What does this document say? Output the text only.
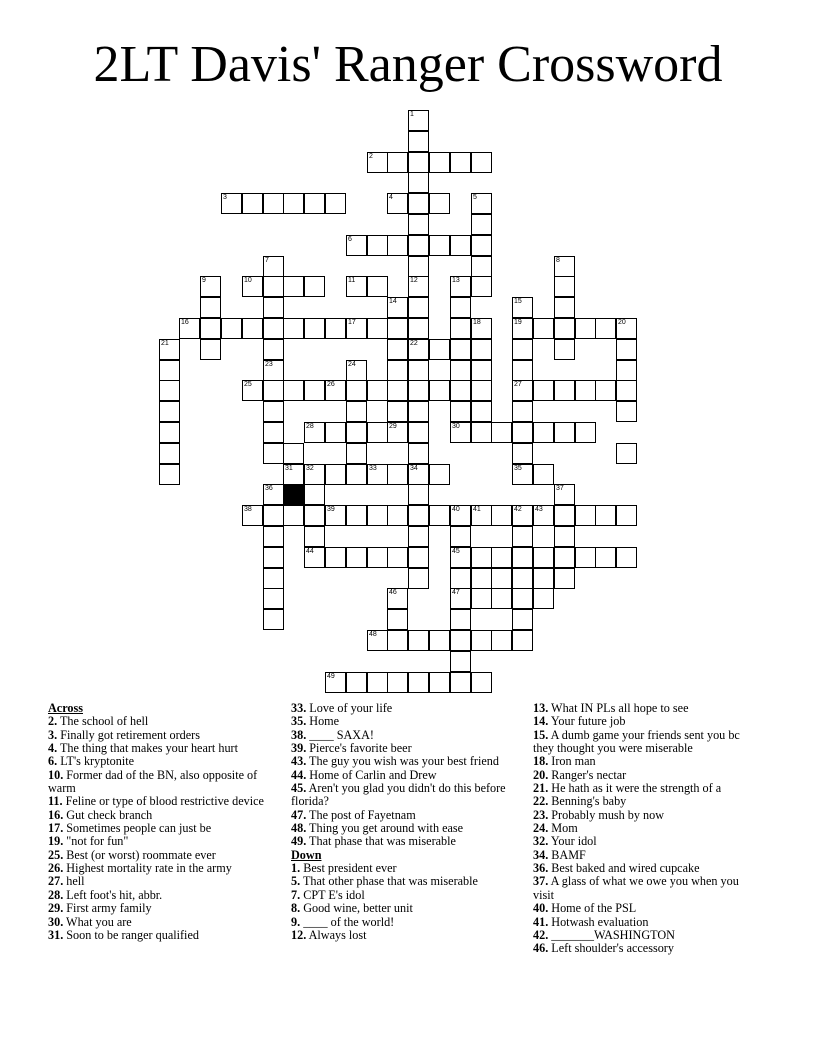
2LT Davis' Ranger Crossword
1
2
3	4	5
6
7	8
9	10	11	12	13
14	15
16	17	18	19	20
21	22
23	24
25	26	27
28	29	30
31 32	33	34	35
36	37
38	39	40 41	42 43
44	45
46	47
48
49
Across
2. The school of hell
3. Finally got retirement orders
4. The thing that makes your heart hurt
6. LT's kryptonite
10. Former dad of the BN, also opposite of warm
11. Feline or type of blood restrictive device
16. Gut check branch
17. Sometimes people can just be
19. "not for fun"
25. Best (or worst) roommate ever
26. Highest mortality rate in the army
27. hell
28. Left foot's hit, abbr.
29. First army family
30. What you are
31. Soon to be ranger qualified
33. Love of your life
35. Home
38. ____ SAXA!
39. Pierce's favorite beer
43. The guy you wish was your best friend
44. Home of Carlin and Drew
45. Aren't you glad you didn't do this before florida?
47. The post of Fayetnam
48. Thing you get around with ease
49. That phase that was miserable
Down
1. Best president ever
5. That other phase that was miserable
7. CPT E's idol
8. Good wine, better unit
9. ____ of the world!
12. Always lost
13. What IN PLs all hope to see
14. Your future job
15. A dumb game your friends sent you bc they thought you were miserable
18. Iron man
20. Ranger's nectar
21. He hath as it were the strength of a
22. Benning's baby
23. Probably mush by now
24. Mom
32. Your idol
34. BAMF
36. Best baked and wired cupcake
37. A glass of what we owe you when you visit
40. Home of the PSL
41. Hotwash evaluation
42. _______WASHINGTON
46. Left shoulder's accessory
